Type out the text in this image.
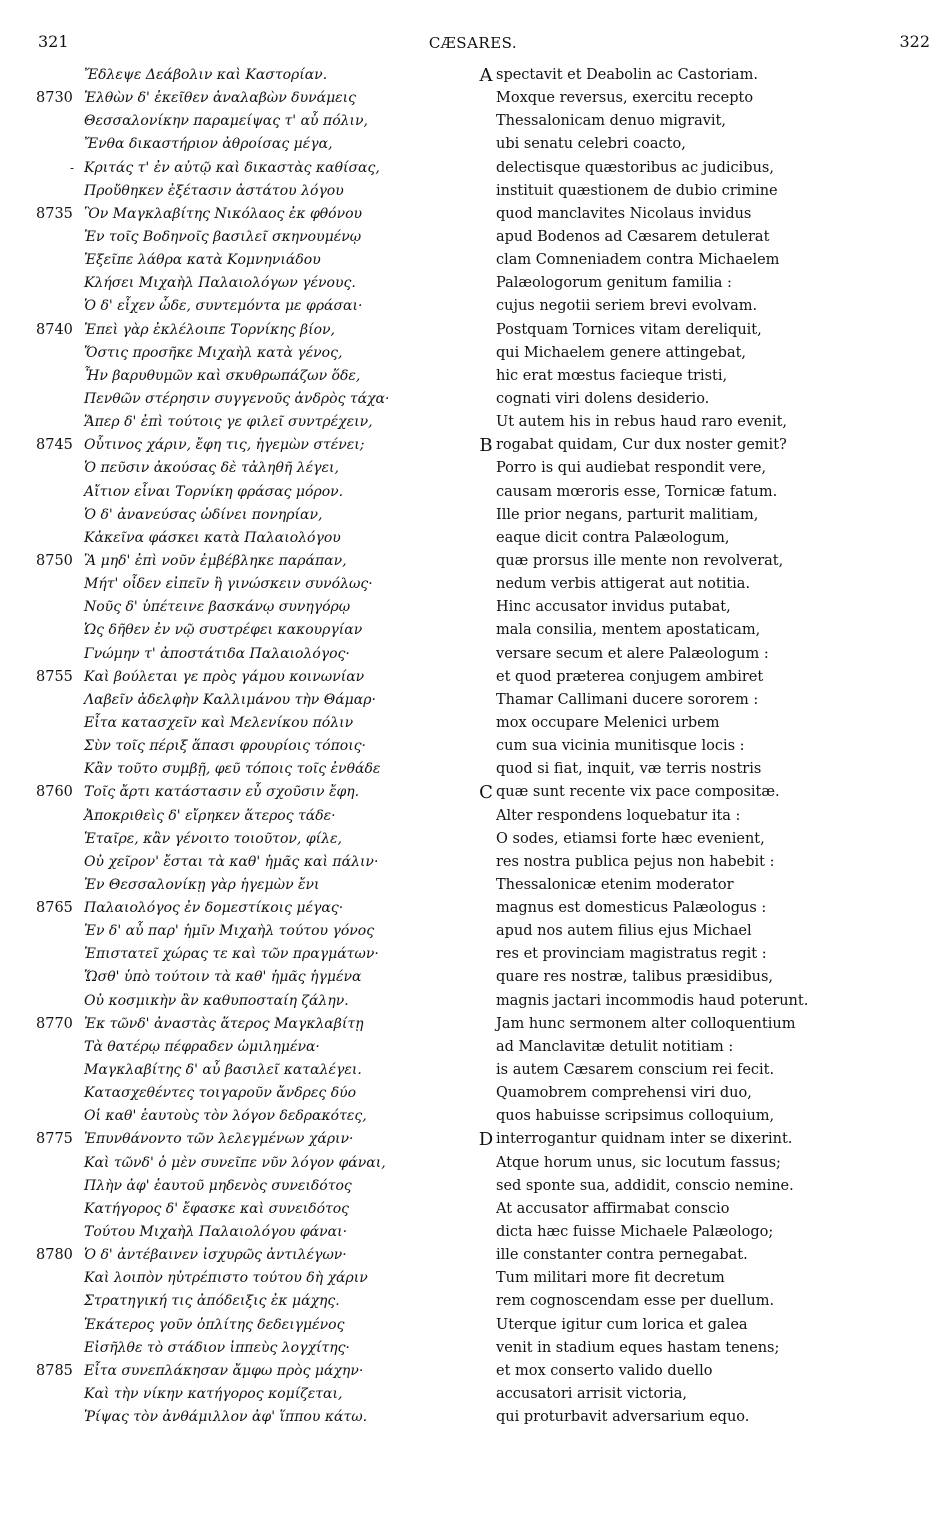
321	CÆSARES.	322
Ἔδλεψε Δεάβολιν καὶ Καστορίαν.
8730 Ἐλθὼν δ' ἐκεῖθεν ἀναλαβὼν δυνάμεις
Θεσσαλονίκην παραμείψας τ' αὖ πόλιν,
Ἔνθα δικαστήριον ἀθροίσας μέγα,
Κριτάς τ' ἐν αὐτῷ καὶ δικαστὰς καθίσας,
-
Προὔθηκεν ἐξέτασιν ἀστάτου λόγου
8735 Ὃν Μαγκλαβίτης Νικόλαος ἐκ φθόνου
Ἐν τοῖς Βοδηνοῖς βασιλεῖ σκηνουμένῳ
Ἐξεῖπε λάθρα κατὰ Κομνηνιάδου
Κλήσει Μιχαὴλ Παλαιολόγων γένους.
Ὁ δ' εἶχεν ὧδε, συντεμόντα με φράσαι·
8740 Ἐπεὶ γὰρ ἐκλέλοιπε Τορνίκης βίον,
Ὅστις προσῆκε Μιχαὴλ κατὰ γένος,
Ἦν βαρυθυμῶν καὶ σκυθρωπάζων ὅδε,
Πενθῶν στέρησιν συγγενοῦς ἀνδρὸς τάχα·
Ἅπερ δ' ἐπὶ τούτοις γε φιλεῖ συντρέχειν,
8745 Οὗτινος χάριν, ἔφη τις, ἡγεμὼν στένει;
Ὁ πεῦσιν ἀκούσας δὲ τἀληθῆ λέγει,
Αἴτιον εἶναι Τορνίκη φράσας μόρον.
Ὁ δ' ἀνανεύσας ὠδίνει πονηρίαν,
Κἀκεῖνα φάσκει κατὰ Παλαιολόγου
8750 Ἃ μηδ' ἐπὶ νοῦν ἐμβέβληκε παράπαν,
Μήτ' οἶδεν εἰπεῖν ἢ γινώσκειν συνόλως·
Νοῦς δ' ὑπέτεινε βασκάνῳ συνηγόρῳ
Ὡς δῆθεν ἐν νῷ συστρέφει κακουργίαν
Γνώμην τ' ἀποστάτιδα Παλαιολόγος·
8755 Καὶ βούλεται γε πρὸς γάμου κοινωνίαν
Λαβεῖν ἀδελφὴν Καλλιμάνου τὴν Θάμαρ·
Εἶτα κατασχεῖν καὶ Μελενίκου πόλιν
Σὺν τοῖς πέριξ ἅπασι φρουρίοις τόποις·
Κἂν τοῦτο συμβῇ, φεῦ τόποις τοῖς ἐνθάδε
8760 Τοῖς ἄρτι κατάστασιν εὖ σχοῦσιν ἔφη.
Ἀποκριθεὶς δ' εἴρηκεν ἅτερος τάδε·
Ἑταῖρε, κἂν γένοιτο τοιοῦτον, φίλε,
Οὐ χεῖρον' ἔσται τὰ καθ' ἡμᾶς καὶ πάλιν·
Ἐν Θεσσαλονίκῃ γὰρ ἡγεμὼν ἔνι
8765 Παλαιολόγος ἐν δομεστίκοις μέγας·
Ἐν δ' αὖ παρ' ἡμῖν Μιχαὴλ τούτου γόνος
Ἐπιστατεῖ χώρας τε καὶ τῶν πραγμάτων·
Ὥσθ' ὑπὸ τούτοιν τὰ καθ' ἡμᾶς ἡγμένα
Οὐ κοσμικὴν ἂν καθυποσταίη ζάλην.
8770 Ἐκ τῶνδ' ἀναστὰς ἅτερος Μαγκλαβίτῃ
Τὰ θατέρῳ πέφραδεν ὡμιλημένα·
Μαγκλαβίτης δ' αὖ βασιλεῖ καταλέγει.
Κατασχεθέντες τοιγαροῦν ἄνδρες δύο
Οἱ καθ' ἑαυτοὺς τὸν λόγον δεδρακότες,
8775 Ἐπυνθάνοντο τῶν λελεγμένων χάριν·
Καὶ τῶνδ' ὁ μὲν συνεῖπε νῦν λόγον φάναι,
Πλὴν ἀφ' ἑαυτοῦ μηδενὸς συνειδότος
Κατήγορος δ' ἔφασκε καὶ συνειδότος
Τούτου Μιχαὴλ Παλαιολόγου φάναι·
8780 Ὁ δ' ἀντέβαινεν ἰσχυρῶς ἀντιλέγων·
Καὶ λοιπὸν ηὐτρέπιστο τούτου δὴ χάριν
Στρατηγική τις ἀπόδειξις ἐκ μάχης.
Ἑκάτερος γοῦν ὁπλίτης δεδειγμένος
Εἰσῆλθε τὸ στάδιον ἱππεὺς λογχίτης·
8785 Εἶτα συνεπλάκησαν ἄμφω πρὸς μάχην·
Καὶ τὴν νίκην κατήγορος κομίζεται,
Ῥίψας τὸν ἀνθάμιλλον ἀφ' ἵππου κάτω.
A spectavit et Deabolin ac Castoriam.
Moxque reversus, exercitu recepto
Thessalonicam denuo migravit,
ubi senatu celebri coacto,
delectisque quæstoribus ac judicibus,
instituit quæstionem de dubio crimine
quod manclavites Nicolaus invidus
apud Bodenos ad Cæsarem detulerat
clam Comneniadem contra Michaelem
Palæologorum genitum familia :
cujus negotii seriem brevi evolvam.
Postquam Tornices vitam dereliquit,
qui Michaelem genere attingebat,
hic erat mœstus facieque tristi,
cognati viri dolens desiderio.
Ut autem his in rebus haud raro evenit,
B rogabat quidam, Cur dux noster gemit?
Porro is qui audiebat respondit vere,
causam mœroris esse, Tornicæ fatum.
Ille prior negans, parturit malitiam,
eaque dicit contra Palæologum,
quæ prorsus ille mente non revolverat,
nedum verbis attigerat aut notitia.
Hinc accusator invidus putabat,
mala consilia, mentem apostaticam,
versare secum et alere Palæologum :
et quod præterea conjugem ambiret
Thamar Callimani ducere sororem :
mox occupare Melenici urbem
cum sua vicinia munitisque locis :
quod si fiat, inquit, væ terris nostris
C quæ sunt recente vix pace compositæ.
Alter respondens loquebatur ita :
O sodes, etiamsi forte hæc evenient,
res nostra publica pejus non habebit :
Thessalonicæ etenim moderator
magnus est domesticus Palæologus :
apud nos autem filius ejus Michael
res et provinciam magistratus regit :
quare res nostræ, talibus præsidibus,
magnis jactari incommodis haud poterunt.
Jam hunc sermonem alter colloquentium
ad Manclavitæ detulit notitiam :
is autem Cæsarem conscium rei fecit.
Quamobrem comprehensi viri duo,
quos habuisse scripsimus colloquium,
D interrogantur quidnam inter se dixerint.
Atque horum unus, sic locutum fassus;
sed sponte sua, addidit, conscio nemine.
At accusator affirmabat conscio
dicta hæc fuisse Michaele Palæologo;
ille constanter contra pernegabat.
Tum militari more fit decretum
rem cognoscendam esse per duellum.
Uterque igitur cum lorica et galea
venit in stadium eques hastam tenens;
et mox conserto valido duello
accusatori arrisit victoria,
qui proturbavit adversarium equo.
